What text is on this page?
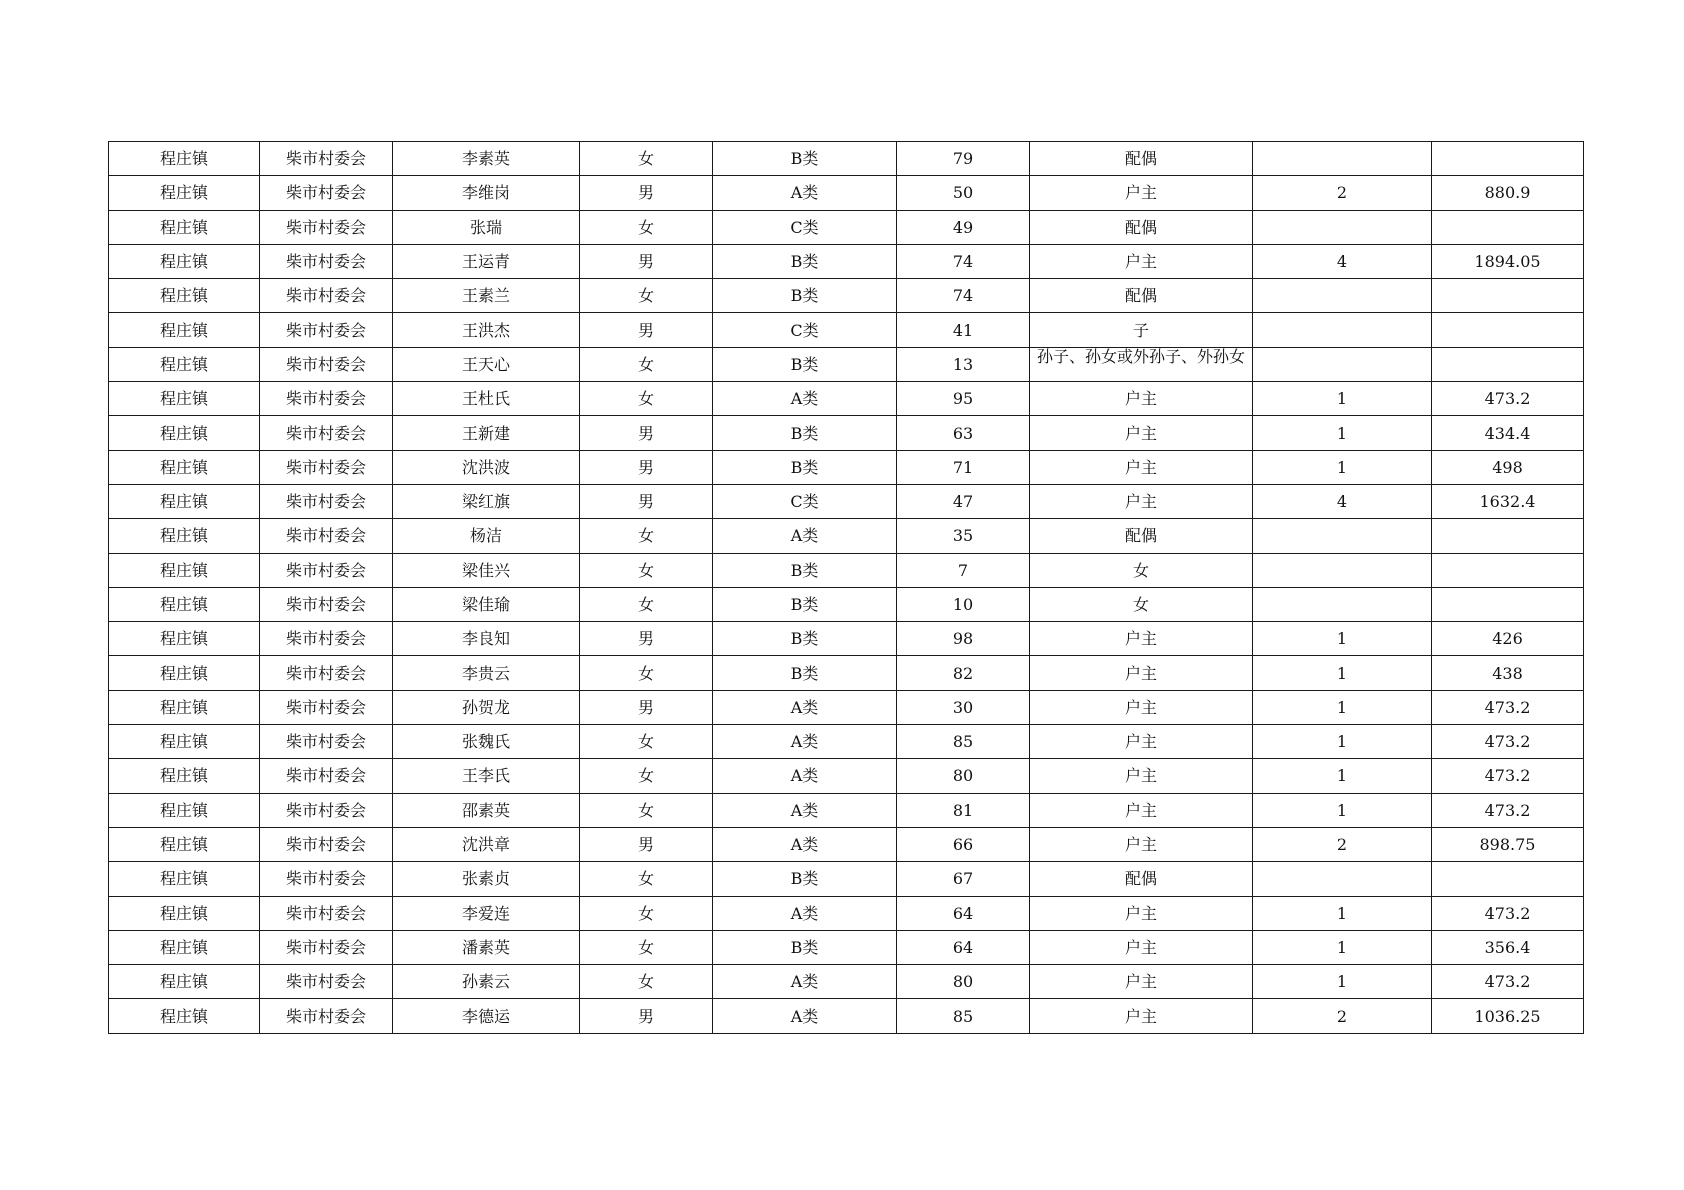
程庄镇	柴市村委会	李素英	女	B类	79	配偶		
程庄镇	柴市村委会	李维岗	男	A类	50	户主	2	880.9
程庄镇	柴市村委会	张瑞	女	C类	49	配偶		
程庄镇	柴市村委会	王运青	男	B类	74	户主	4	1894.05
程庄镇	柴市村委会	王素兰	女	B类	74	配偶		
程庄镇	柴市村委会	王洪杰	男	C类	41	子		
程庄镇	柴市村委会	王天心	女	B类	13	孙子、孙女或外孙子、外孙女		

程庄镇	柴市村委会	王杜氏	女	A类	95	户主	1	473.2
程庄镇	柴市村委会	王新建	男	B类	63	户主	1	434.4
程庄镇	柴市村委会	沈洪波	男	B类	71	户主	1	498
程庄镇	柴市村委会	梁红旗	男	C类	47	户主	4	1632.4
程庄镇	柴市村委会	杨洁	女	A类	35	配偶		
程庄镇	柴市村委会	梁佳兴	女	B类	7	女		
程庄镇	柴市村委会	梁佳瑜	女	B类	10	女		
程庄镇	柴市村委会	李良知	男	B类	98	户主	1	426
程庄镇	柴市村委会	李贵云	女	B类	82	户主	1	438
程庄镇	柴市村委会	孙贺龙	男	A类	30	户主	1	473.2
程庄镇	柴市村委会	张魏氏	女	A类	85	户主	1	473.2
程庄镇	柴市村委会	王李氏	女	A类	80	户主	1	473.2
程庄镇	柴市村委会	邵素英	女	A类	81	户主	1	473.2
程庄镇	柴市村委会	沈洪章	男	A类	66	户主	2	898.75
程庄镇	柴市村委会	张素贞	女	B类	67	配偶		
程庄镇	柴市村委会	李爱连	女	A类	64	户主	1	473.2
程庄镇	柴市村委会	潘素英	女	B类	64	户主	1	356.4
程庄镇	柴市村委会	孙素云	女	A类	80	户主	1	473.2
程庄镇	柴市村委会	李德运	男	A类	85	户主	2	1036.25
